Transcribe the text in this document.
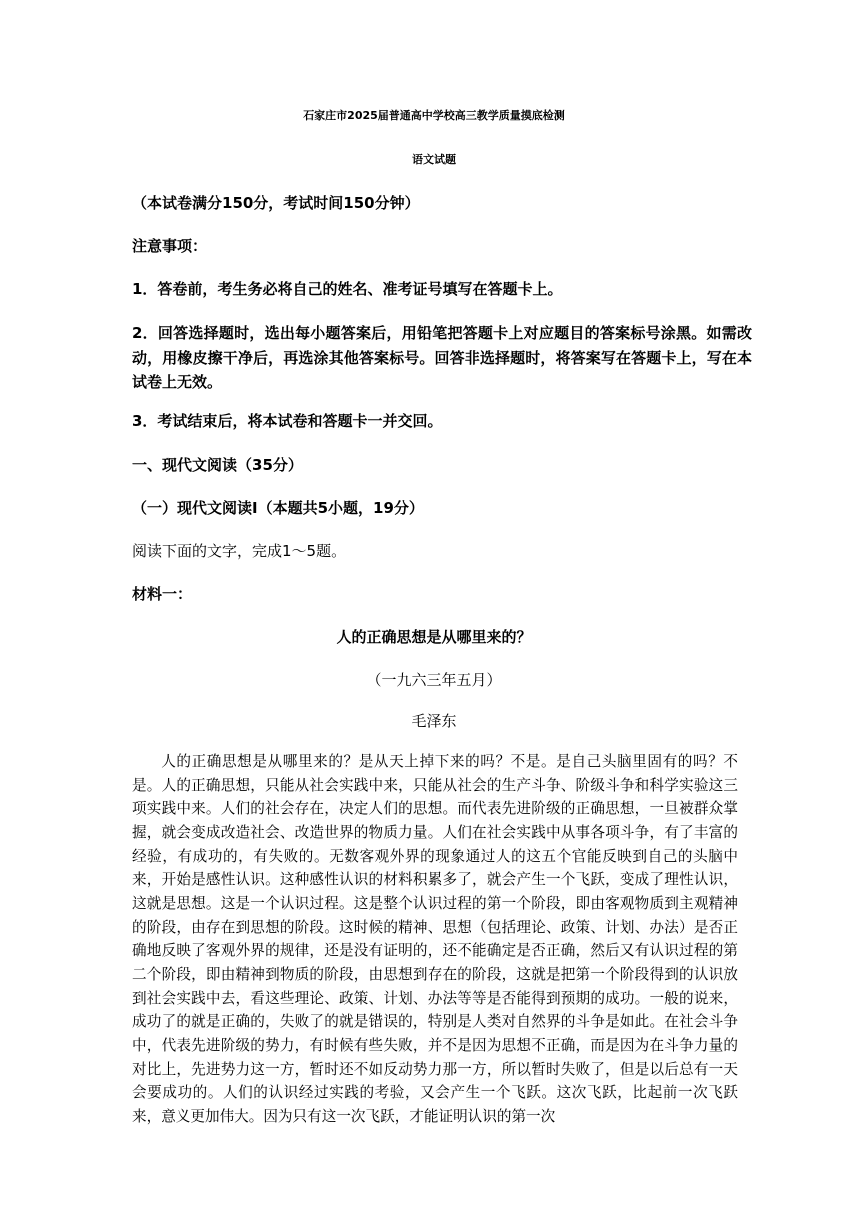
石家庄市2025届普通高中学校高三教学质量摸底检测
语文试题
（本试卷满分150分，考试时间150分钟）
注意事项：
1．答卷前，考生务必将自己的姓名、准考证号填写在答题卡上。
2．回答选择题时，选出每小题答案后，用铅笔把答题卡上对应题目的答案标号涂黑。如需改动，用橡皮擦干净后，再选涂其他答案标号。回答非选择题时，将答案写在答题卡上，写在本试卷上无效。
3．考试结束后，将本试卷和答题卡一并交回。
一、现代文阅读（35分）
（一）现代文阅读Ⅰ（本题共5小题，19分）
阅读下面的文字，完成1～5题。
材料一：
人的正确思想是从哪里来的？
（一九六三年五月）
毛泽东

人的正确思想是从哪里来的？是从天上掉下来的吗？不是。是自己头脑里固有的吗？不是。人的正确思想，只能从社会实践中来，只能从社会的生产斗争、阶级斗争和科学实验这三项实践中来。人们的社会存在，决定人们的思想。而代表先进阶级的正确思想，一旦被群众掌握，就会变成改造社会、改造世界的物质力量。人们在社会实践中从事各项斗争，有了丰富的经验，有成功的，有失败的。无数客观外界的现象通过人的这五个官能反映到自己的头脑中来，开始是感性认识。这种感性认识的材料积累多了，就会产生一个飞跃，变成了理性认识，这就是思想。这是一个认识过程。这是整个认识过程的第一个阶段，即由客观物质到主观精神的阶段，由存在到思想的阶段。这时候的精神、思想（包括理论、政策、计划、办法）是否正确地反映了客观外界的规律，还是没有证明的，还不能确定是否正确，然后又有认识过程的第二个阶段，即由精神到物质的阶段，由思想到存在的阶段，这就是把第一个阶段得到的认识放到社会实践中去，看这些理论、政策、计划、办法等等是否能得到预期的成功。一般的说来，成功了的就是正确的，失败了的就是错误的，特别是人类对自然界的斗争是如此。在社会斗争中，代表先进阶级的势力，有时候有些失败，并不是因为思想不正确，而是因为在斗争力量的对比上，先进势力这一方，暂时还不如反动势力那一方，所以暂时失败了，但是以后总有一天会要成功的。人们的认识经过实践的考验，又会产生一个飞跃。这次飞跃，比起前一次飞跃来，意义更加伟大。因为只有这一次飞跃，才能证明认识的第一次
